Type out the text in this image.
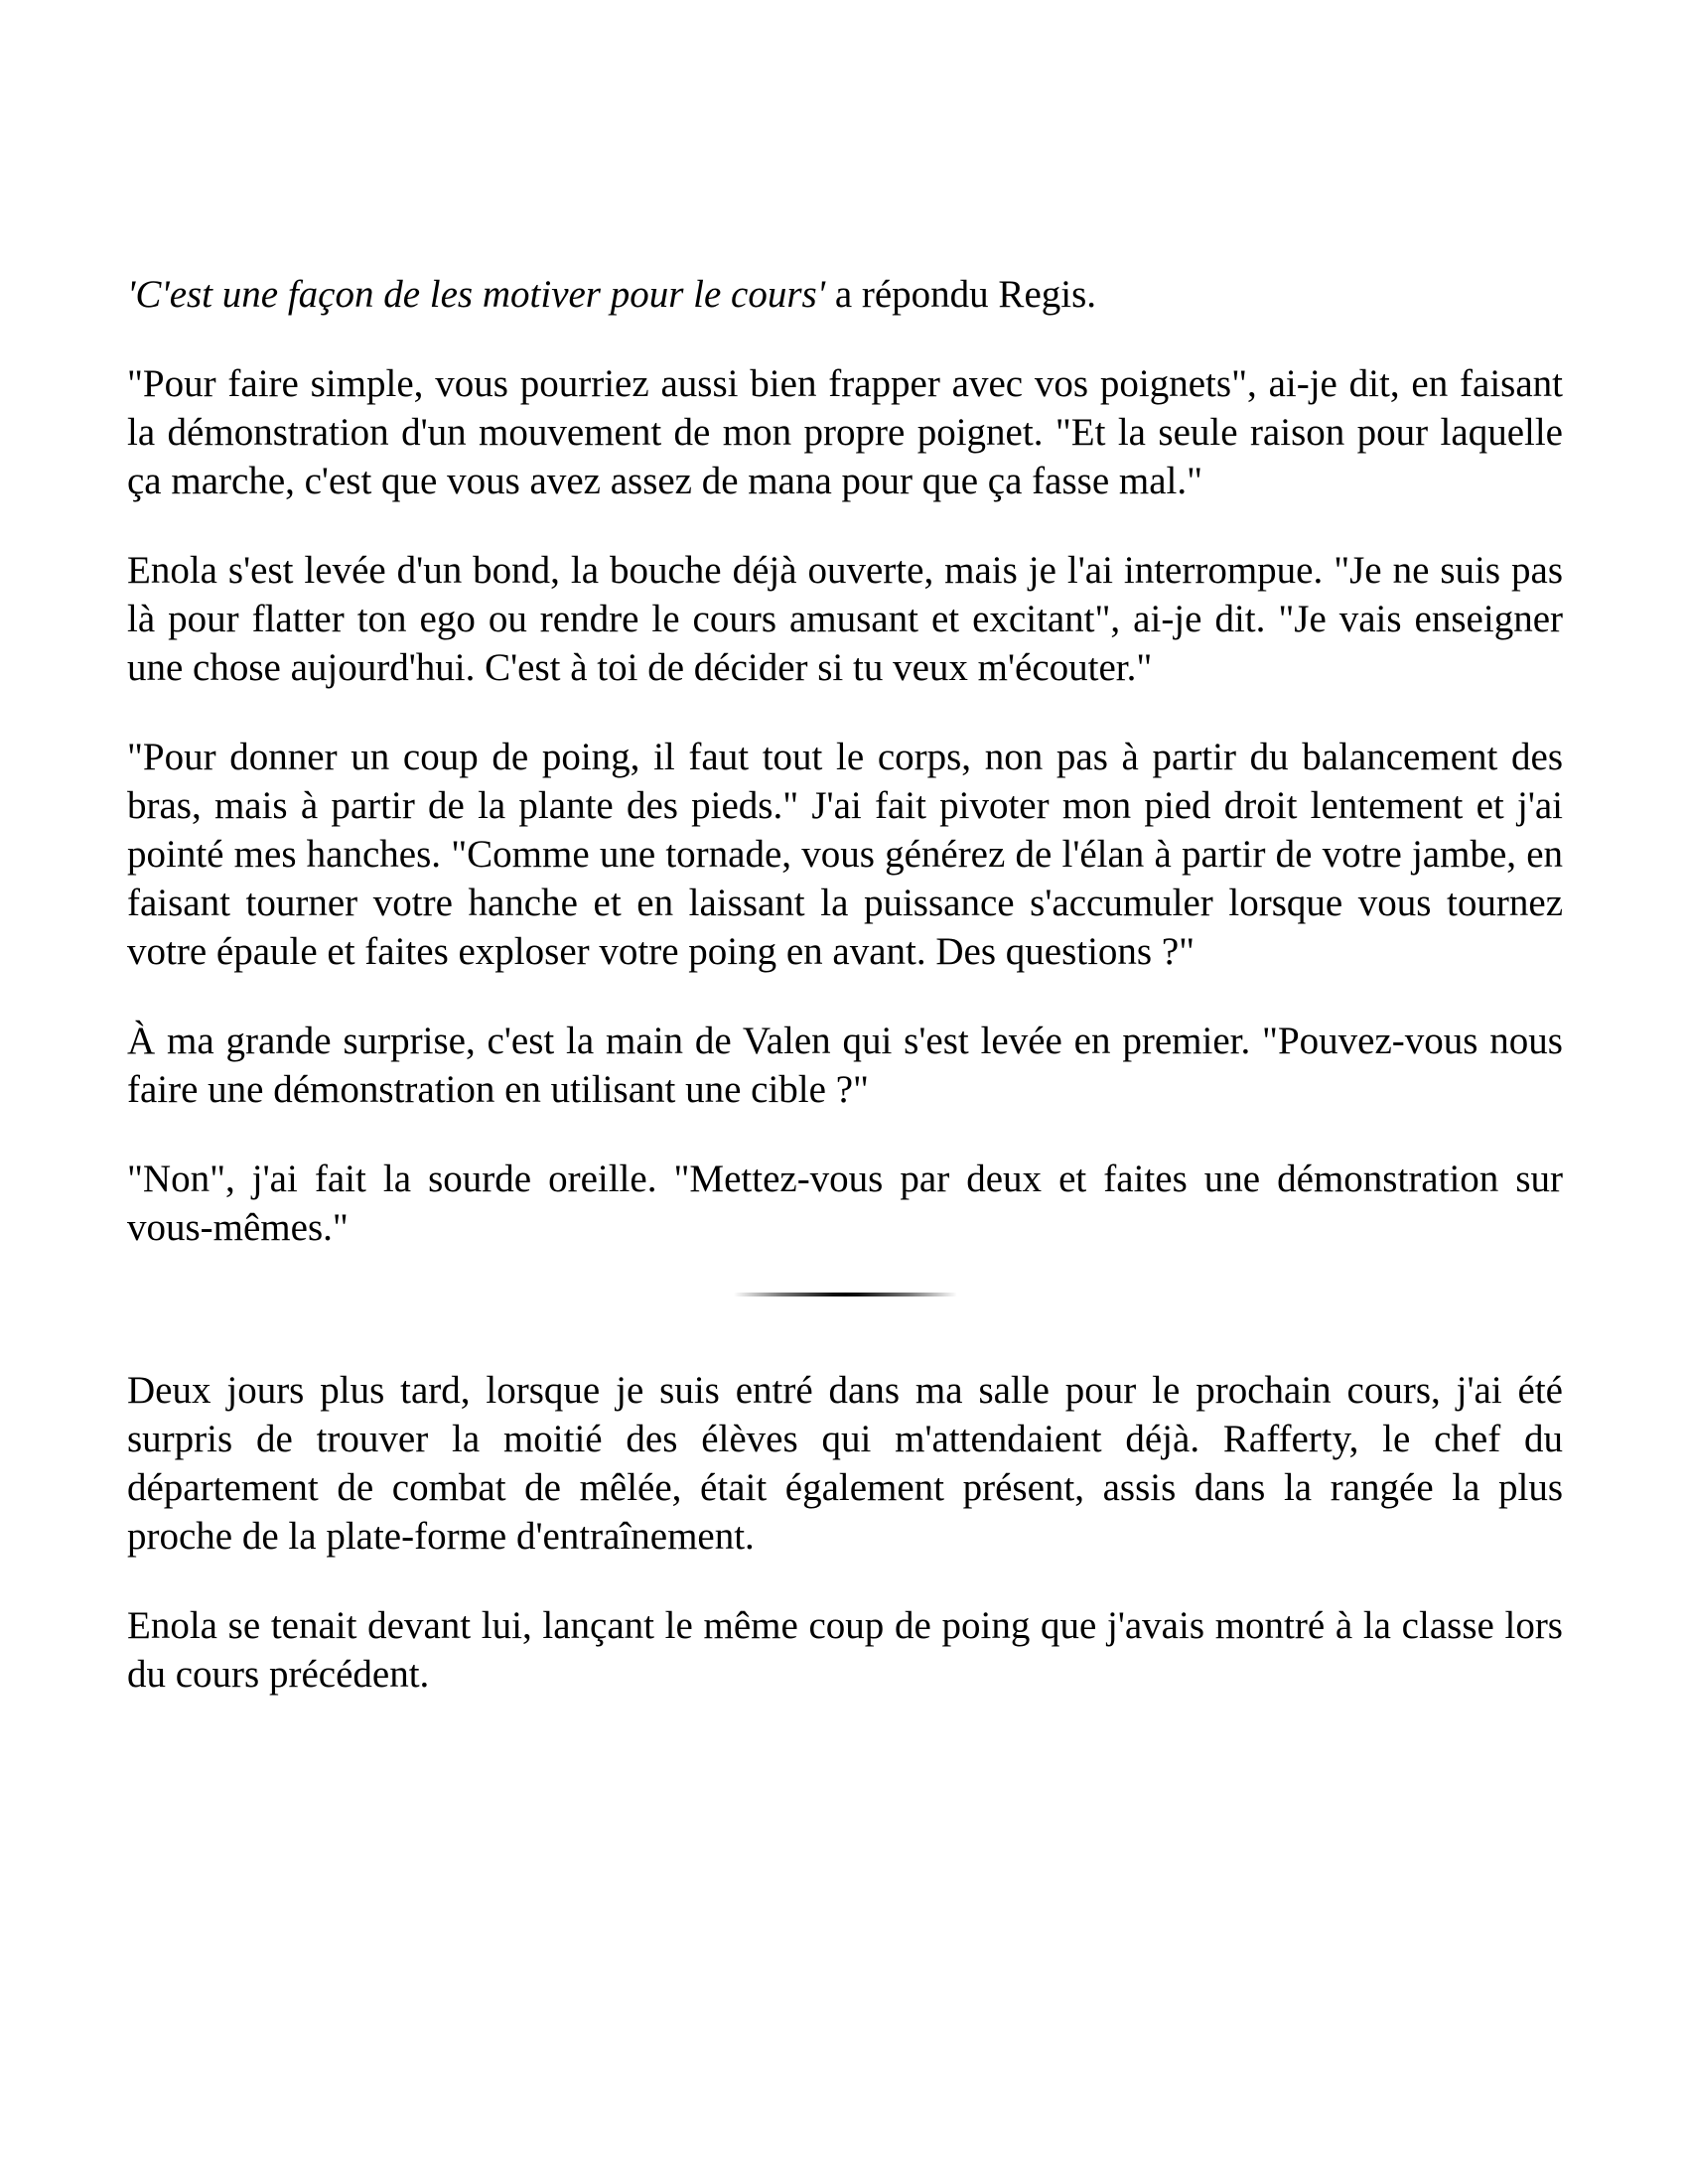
'C'est une façon de les motiver pour le cours' a répondu Regis.

"Pour faire simple, vous pourriez aussi bien frapper avec vos poignets", ai-je dit, en faisant la démonstration d'un mouvement de mon propre poignet. "Et la seule raison pour laquelle ça marche, c'est que vous avez assez de mana pour que ça fasse mal."

Enola s'est levée d'un bond, la bouche déjà ouverte, mais je l'ai interrompue. "Je ne suis pas là pour flatter ton ego ou rendre le cours amusant et excitant", ai-je dit. "Je vais enseigner une chose aujourd'hui. C'est à toi de décider si tu veux m'écouter."

"Pour donner un coup de poing, il faut tout le corps, non pas à partir du balancement des bras, mais à partir de la plante des pieds." J'ai fait pivoter mon pied droit lentement et j'ai pointé mes hanches. "Comme une tornade, vous générez de l'élan à partir de votre jambe, en faisant tourner votre hanche et en laissant la puissance s'accumuler lorsque vous tournez votre épaule et faites exploser votre poing en avant. Des questions ?"

À ma grande surprise, c'est la main de Valen qui s'est levée en premier. "Pouvez-vous nous faire une démonstration en utilisant une cible ?"

"Non", j'ai fait la sourde oreille. "Mettez-vous par deux et faites une démonstration sur vous-mêmes."

Deux jours plus tard, lorsque je suis entré dans ma salle pour le prochain cours, j'ai été surpris de trouver la moitié des élèves qui m'attendaient déjà. Rafferty, le chef du département de combat de mêlée, était également présent, assis dans la rangée la plus proche de la plate-forme d'entraînement.

Enola se tenait devant lui, lançant le même coup de poing que j'avais montré à la classe lors du cours précédent.
